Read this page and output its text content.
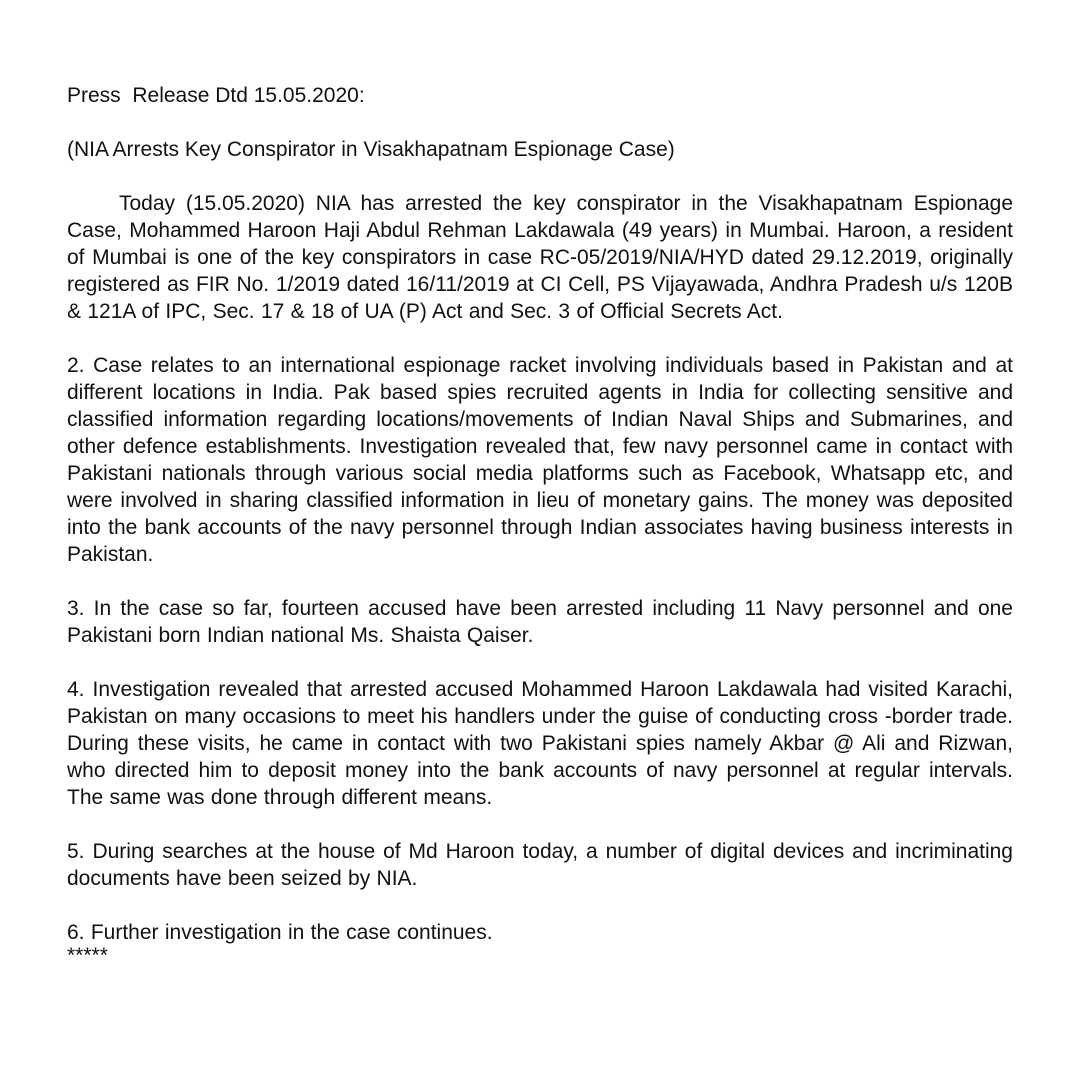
Press  Release Dtd 15.05.2020:

(NIA Arrests Key Conspirator in Visakhapatnam Espionage Case)

Today (15.05.2020) NIA has arrested the key conspirator in the Visakhapatnam Espionage Case, Mohammed Haroon Haji Abdul Rehman Lakdawala (49 years) in Mumbai. Haroon, a resident of Mumbai is one of the key conspirators in case RC-05/2019/NIA/HYD dated 29.12.2019, originally registered as FIR No. 1/2019 dated 16/11/2019 at CI Cell, PS Vijayawada, Andhra Pradesh u/s 120B & 121A of IPC, Sec. 17 & 18 of UA (P) Act and Sec. 3 of Official Secrets Act.

2. Case relates to an international espionage racket involving individuals based in Pakistan and at different locations in India. Pak based spies recruited agents in India for collecting sensitive and classified information regarding locations/movements of Indian Naval Ships and Submarines, and other defence establishments. Investigation revealed that, few navy personnel came in contact with Pakistani nationals through various social media platforms such as Facebook, Whatsapp etc, and were involved in sharing classified information in lieu of monetary gains. The money was deposited into the bank accounts of the navy personnel through Indian associates having business interests in Pakistan.

3. In the case so far, fourteen accused have been arrested including 11 Navy personnel and one Pakistani born Indian national Ms. Shaista Qaiser.

4. Investigation revealed that arrested accused Mohammed Haroon Lakdawala had visited Karachi, Pakistan on many occasions to meet his handlers under the guise of conducting cross -border trade. During these visits, he came in contact with two Pakistani spies namely Akbar @ Ali and Rizwan, who directed him to deposit money into the bank accounts of navy personnel at regular intervals. The same was done through different means.

5. During searches at the house of Md Haroon today, a number of digital devices and incriminating documents have been seized by NIA.

6. Further investigation in the case continues.

*****
